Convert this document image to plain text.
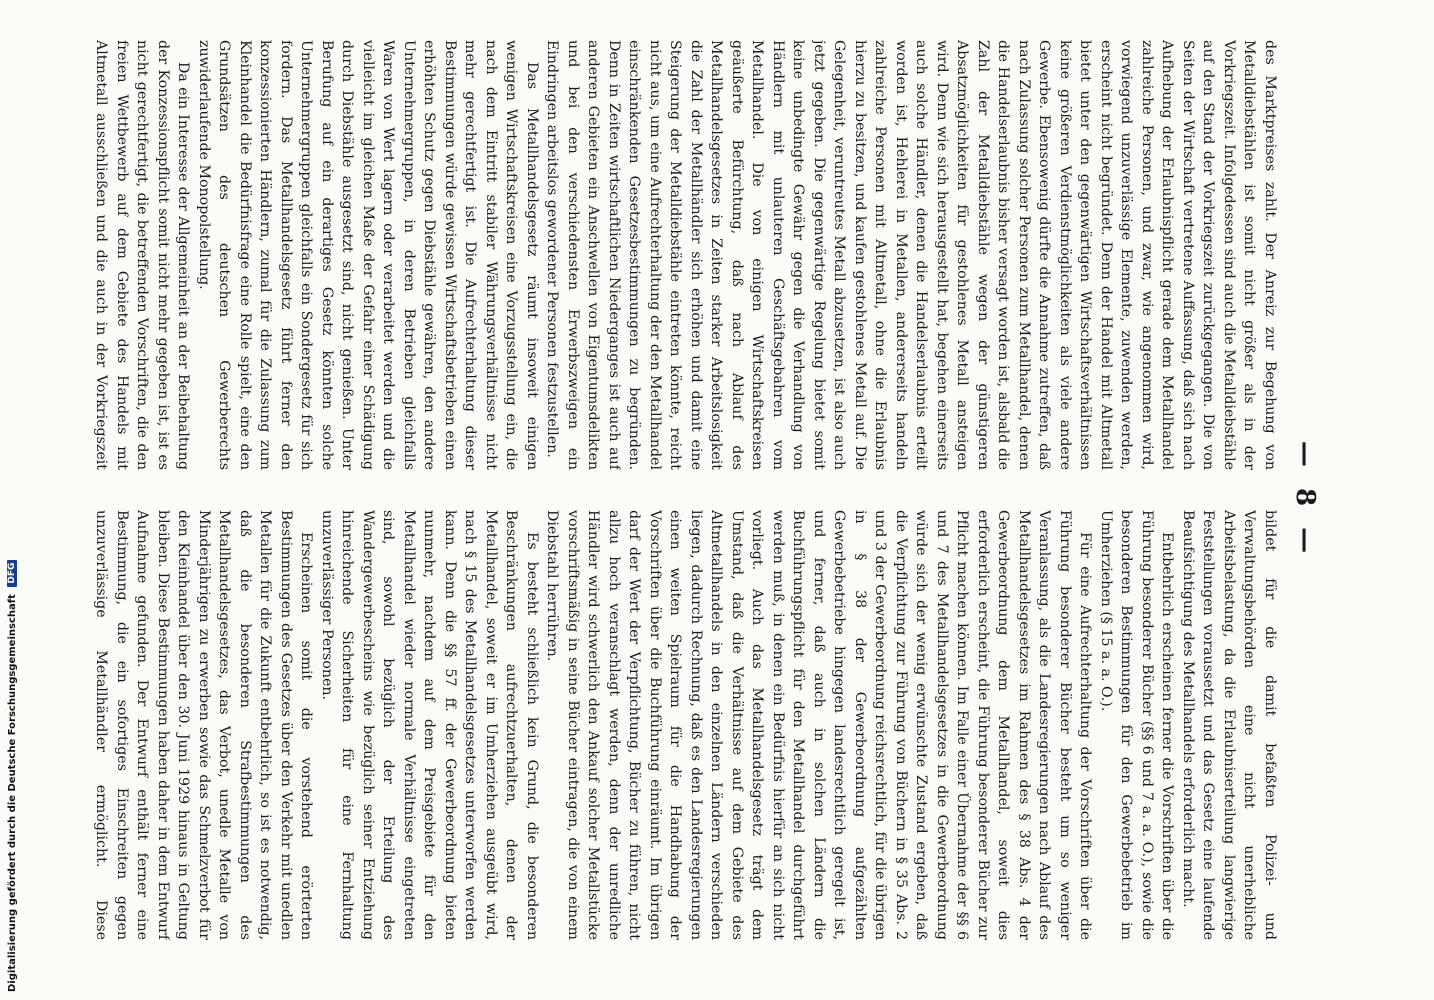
— 8 —

des Marktpreises zahlt. Der Anreiz zur Begehung von Metalldiebstählen ist somit nicht größer als in der Vorkriegszeit. Infolgedessen sind auch die Metalldiebstähle auf den Stand der Vorkriegszeit zurückgegangen. Die von Seiten der Wirtschaft vertretene Auffassung, daß sich nach Aufhebung der Erlaubnispflicht gerade dem Metallhandel zahlreiche Personen, und zwar, wie angenommen wird, vorwiegend unzuverlässige Elemente, zuwenden werden, erscheint nicht begründet. Denn der Handel mit Altmetall bietet unter den gegenwärtigen Wirtschaftsverhältnissen keine größeren Verdienstmöglichkeiten als viele andere Gewerbe. Ebensowenig dürfte die Annahme zutreffen, daß nach Zulassung solcher Personen zum Metallhandel, denen die Handelserlaubnis bisher versagt worden ist, alsbald die Zahl der Metalldiebstähle wegen der günstigeren Absatzmöglichkeiten für gestohlenes Metall ansteigen wird. Denn wie sich herausgestellt hat, begehen einerseits auch solche Händler, denen die Handelserlaubnis erteilt worden ist, Hehlerei in Metallen, andererseits handeln zahlreiche Personen mit Altmetall, ohne die Erlaubnis hierzu zu besitzen, und kaufen gestohlenes Metall auf. Die Gelegenheit, veruntreutes Metall abzusetzen, ist also auch jetzt gegeben. Die gegenwärtige Regelung bietet somit keine unbedingte Gewähr gegen die Verhandlung von Händlern mit unlauteren Geschäftsgebahren vom Metallhandel. Die von einigen Wirtschaftskreisen geäußerte Befürchtung, daß nach Ablauf des Metallhandelsgesetzes in Zeiten starker Arbeitslosigkeit die Zahl der Metallhändler sich erhöhen und damit eine Steigerung der Metalldiebstähle eintreten könnte, reicht nicht aus, um eine Aufrechterhaltung der den Metallhandel einschränkenden Gesetzesbestimmungen zu begründen. Denn in Zeiten wirtschaftlichen Niederganges ist auch auf anderen Gebieten ein Anschwellen von Eigentumsdelikten und bei den verschiedensten Erwerbszweigen ein Eindringen arbeitslos gewordener Personen festzustellen.

Das Metallhandelsgesetz räumt insoweit einigen wenigen Wirtschaftskreisen eine Vorzugsstellung ein, die nach dem Eintritt stabiler Währungsverhältnisse nicht mehr gerechtfertigt ist. Die Aufrechterhaltung dieser Bestimmungen würde gewissen Wirtschaftsbetrieben einen erhöhten Schutz gegen Diebstähle gewähren, den andere Unternehmergruppen, in deren Betrieben gleichfalls Waren von Wert lagern oder verarbeitet werden und die vielleicht im gleichen Maße der Gefahr einer Schädigung durch Diebstähle ausgesetzt sind, nicht genießen. Unter Berufung auf ein derartiges Gesetz könnten solche Unternehmergruppen gleichfalls ein Sondergesetz für sich fordern. Das Metallhandelsgesetz führt ferner den konzessionierten Händlern, zumal für die Zulassung zum Kleinhandel die Bedürfnisfrage eine Rolle spielt, eine den Grundsätzen des deutschen Gewerberechts zuwiderlaufende Monopolstellung.

Da ein Interesse der Allgemeinheit an der Beibehaltung der Konzessionspflicht somit nicht mehr gegeben ist, ist es nicht gerechtfertigt, die betreffenden Vorschriften, die den freien Wettbewerb auf dem Gebiete des Handels mit Altmetall ausschließen und die auch in der Vorkriegszeit

bildet für die damit befaßten Polizei- und Verwaltungsbehörden eine nicht unerhebliche Arbeitsbelastung, da die Erlaubniserteilung langwierige Feststellungen voraussetzt und das Gesetz eine laufende Beaufsichtigung des Metallhandels erforderlich macht.

Entbehrlich erscheinen ferner die Vorschriften über die Führung besonderer Bücher (§§ 6 und 7 a. a. O.), sowie die besonderen Bestimmungen für den Gewerbebetrieb im Umherziehen (§ 15 a. a. O.).

Für eine Aufrechterhaltung der Vorschriften über die Führung besonderer Bücher besteht um so weniger Veranlassung, als die Landesregierungen nach Ablauf des Metallhandelsgesetzes im Rahmen des § 38 Abs. 4 der Gewerbeordnung dem Metallhandel, soweit dies erforderlich erscheint, die Führung besonderer Bücher zur Pflicht machen können. Im Falle einer Übernahme der §§ 6 und 7 des Metallhandelsgesetzes in die Gewerbeordnung würde sich der wenig erwünschte Zustand ergeben, daß die Verpflichtung zur Führung von Büchern in § 35 Abs. 2 und 3 der Gewerbeordnung reichsrechtlich, für die übrigen in § 38 der Gewerbeordnung aufgezählten Gewerbebetriebe hingegen landesrechtlich geregelt ist, und ferner, daß auch in solchen Ländern die Buchführungspflicht für den Metallhandel durchgeführt werden muß, in denen ein Bedürfnis hierfür an sich nicht vorliegt. Auch das Metallhandelsgesetz trägt dem Umstand, daß die Verhältnisse auf dem Gebiete des Altmetallhandels in den einzelnen Ländern verschieden liegen, dadurch Rechnung, daß es den Landesregierungen einen weiten Spielraum für die Handhabung der Vorschriften über die Buchführung einräumt. Im übrigen darf der Wert der Verpflichtung, Bücher zu führen, nicht allzu hoch veranschlagt werden, denn der unredliche Händler wird schwerlich den Ankauf solcher Metallstücke vorschriftsmäßig in seine Bücher eintragen, die von einem Diebstahl herrühren.

Es besteht schließlich kein Grund, die besonderen Beschränkungen aufrechtzuerhalten, denen der Metallhandel, soweit er im Umherziehen ausgeübt wird, nach § 15 des Metallhandelsgesetzes unterworfen werden kann. Denn die §§ 57 ff. der Gewerbeordnung bieten nunmehr, nachdem auf dem Preisgebiete für den Metallhandel wieder normale Verhältnisse eingetreten sind, sowohl bezüglich der Erteilung des Wandergewerbescheins wie bezüglich seiner Entziehung hinreichende Sicherheiten für eine Fernhaltung unzuverlässiger Personen.

Erscheinen somit die vorstehend erörterten Bestimmungen des Gesetzes über den Verkehr mit unedlen Metallen für die Zukunft entbehrlich, so ist es notwendig, daß die besonderen Strafbestimmungen des Metallhandelsgesetzes, das Verbot, unedle Metalle von Minderjährigen zu erwerben sowie das Schmelzverbot für den Kleinhandel über den 30. Juni 1929 hinaus in Geltung bleiben. Diese Bestimmungen haben daher in dem Entwurf Aufnahme gefunden. Der Entwurf enthält ferner eine Bestimmung, die ein sofortiges Einschreiten gegen unzuverlässige Metallhändler ermöglicht. Diese

Digitalisierung gefördert durch die Deutsche Forschungsgemeinschaft DFG
